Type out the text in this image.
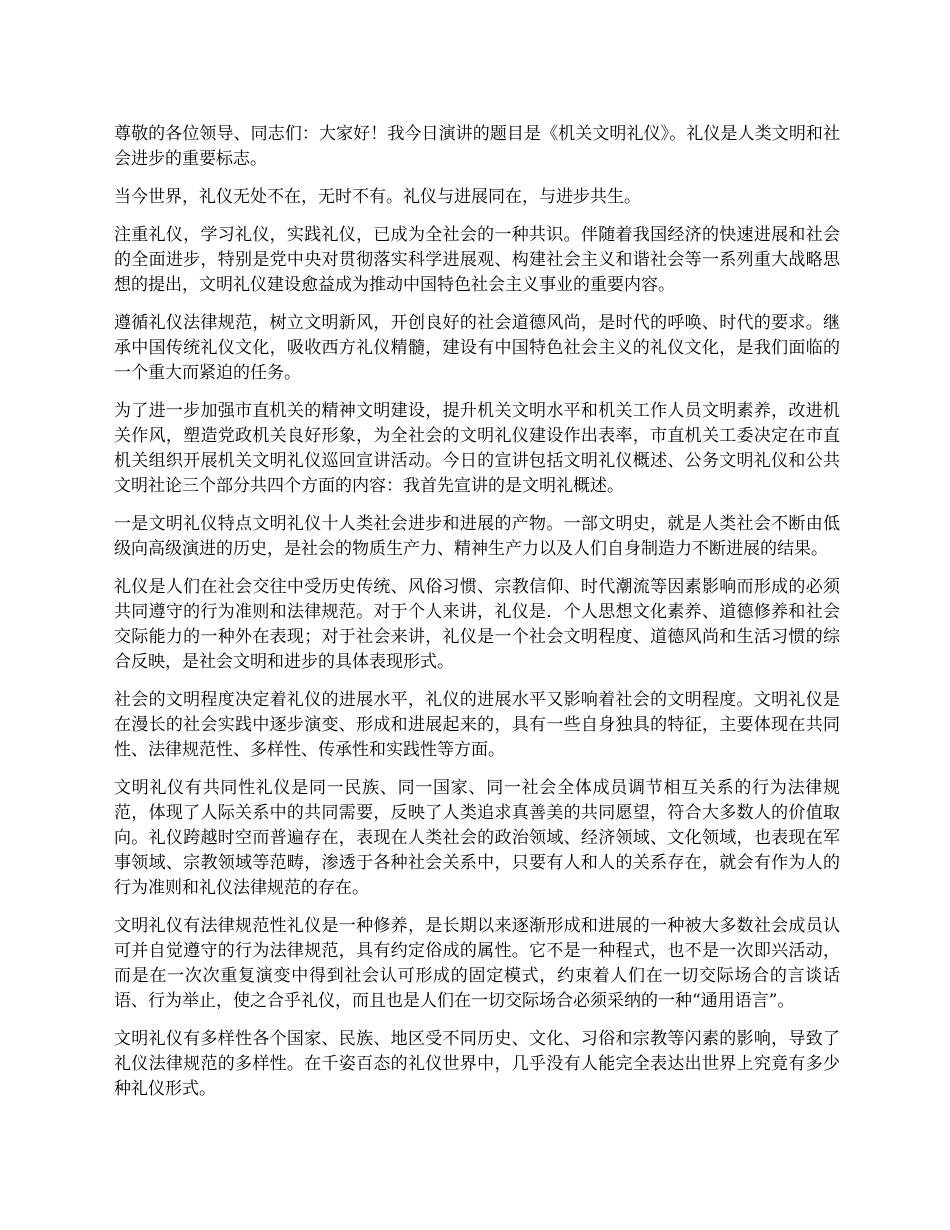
尊敬的各位领导、同志们：大家好！我今日演讲的题目是《机关文明礼仪》。礼仪是人类文明和社会进步的重要标志。

当今世界，礼仪无处不在，无时不有。礼仪与进展同在，与进步共生。

注重礼仪，学习礼仪，实践礼仪，已成为全社会的一种共识。伴随着我国经济的快速进展和社会的全面进步，特别是党中央对贯彻落实科学进展观、构建社会主义和谐社会等一系列重大战略思想的提出，文明礼仪建设愈益成为推动中国特色社会主义事业的重要内容。

遵循礼仪法律规范，树立文明新风，开创良好的社会道德风尚，是时代的呼唤、时代的要求。继承中国传统礼仪文化，吸收西方礼仪精髓，建设有中国特色社会主义的礼仪文化，是我们面临的一个重大而紧迫的任务。

为了进一步加强市直机关的精神文明建设，提升机关文明水平和机关工作人员文明素养，改进机关作风，塑造党政机关良好形象，为全社会的文明礼仪建设作出表率，市直机关工委决定在市直机关组织开展机关文明礼仪巡回宣讲活动。今日的宣讲包括文明礼仪概述、公务文明礼仪和公共文明社论三个部分共四个方面的内容：我首先宣讲的是文明礼概述。

一是文明礼仪特点文明礼仪十人类社会进步和进展的产物。一部文明史，就是人类社会不断由低级向高级演进的历史，是社会的物质生产力、精神生产力以及人们自身制造力不断进展的结果。

礼仪是人们在社会交往中受历史传统、风俗习惯、宗教信仰、时代潮流等因素影响而形成的必须共同遵守的行为准则和法律规范。对于个人来讲，礼仪是．个人思想文化素养、道德修养和社会交际能力的一种外在表现；对于社会来讲，礼仪是一个社会文明程度、道德风尚和生活习惯的综合反映，是社会文明和进步的具体表现形式。

社会的文明程度决定着礼仪的进展水平，礼仪的进展水平又影响着社会的文明程度。文明礼仪是在漫长的社会实践中逐步演变、形成和进展起来的，具有一些自身独具的特征，主要体现在共同性、法律规范性、多样性、传承性和实践性等方面。

文明礼仪有共同性礼仪是同一民族、同一国家、同一社会全体成员调节相互关系的行为法律规范，体现了人际关系中的共同需要，反映了人类追求真善美的共同愿望，符合大多数人的价值取向。礼仪跨越时空而普遍存在，表现在人类社会的政治领域、经济领域、文化领域，也表现在军事领域、宗教领域等范畴，渗透于各种社会关系中，只要有人和人的关系存在，就会有作为人的行为准则和礼仪法律规范的存在。

文明礼仪有法律规范性礼仪是一种修养，是长期以来逐渐形成和进展的一种被大多数社会成员认可并自觉遵守的行为法律规范，具有约定俗成的属性。它不是一种程式，也不是一次即兴活动，而是在一次次重复演变中得到社会认可形成的固定模式，约束着人们在一切交际场合的言谈话语、行为举止，使之合乎礼仪，而且也是人们在一切交际场合必须采纳的一种“通用语言”。

文明礼仪有多样性各个国家、民族、地区受不同历史、文化、习俗和宗教等闪素的影响，导致了礼仪法律规范的多样性。在千姿百态的礼仪世界中，几乎没有人能完全表达出世界上究竟有多少种礼仪形式。
